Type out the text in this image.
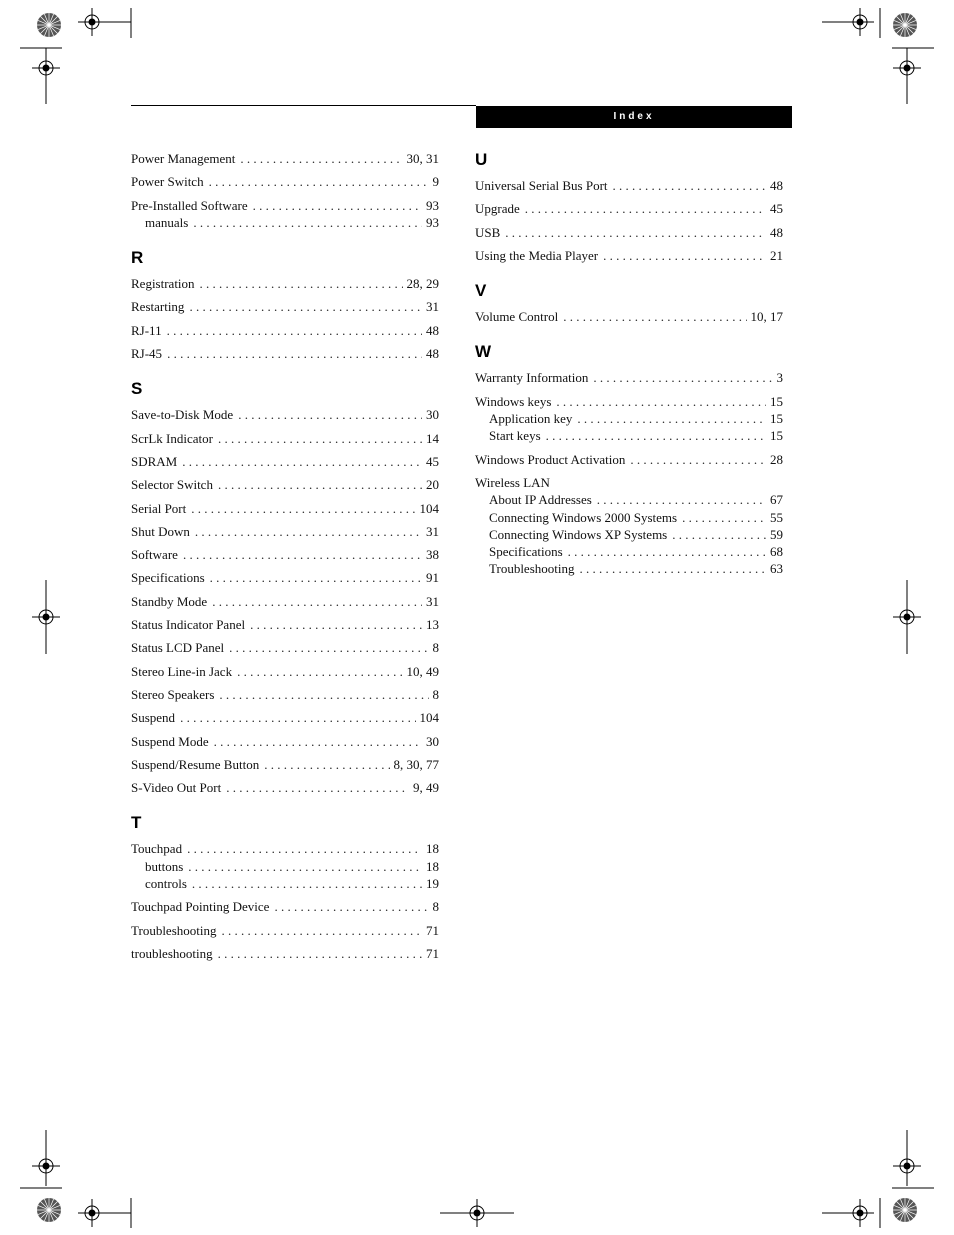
Index
Power Management . . .	30, 31
Power Switch . . .	9
Pre-Installed Software . . .	93
manuals . . .	93
R
Registration . . .	28, 29
Restarting . . .	31
RJ-11 . . .	48
RJ-45 . . .	48
S
Save-to-Disk Mode . . .	30
ScrLk Indicator . . .	14
SDRAM . . .	45
Selector Switch . . .	20
Serial Port . . .	104
Shut Down . . .	31
Software . . .	38
Specifications . . .	91
Standby Mode . . .	31
Status Indicator Panel . . .	13
Status LCD Panel . . .	8
Stereo Line-in Jack . . .	10, 49
Stereo Speakers . . .	8
Suspend . . .	104
Suspend Mode . . .	30
Suspend/Resume Button . . .	8, 30, 77
S-Video Out Port . . .	9, 49
T
Touchpad . . .	18
buttons . . .	18
controls . . .	19
Touchpad Pointing Device . . .	8
Troubleshooting . . .	71
troubleshooting . . .	71
U
Universal Serial Bus Port . . .	48
Upgrade . . .	45
USB . . .	48
Using the Media Player . . .	21
V
Volume Control . . .	10, 17
W
Warranty Information . . .	3
Windows keys . . .	15
Application key . . .	15
Start keys . . .	15
Windows Product Activation . . .	28
Wireless LAN
About IP Addresses . . .	67
Connecting Windows 2000 Systems . . .	55
Connecting Windows XP Systems . . .	59
Specifications . . .	68
Troubleshooting . . .	63
